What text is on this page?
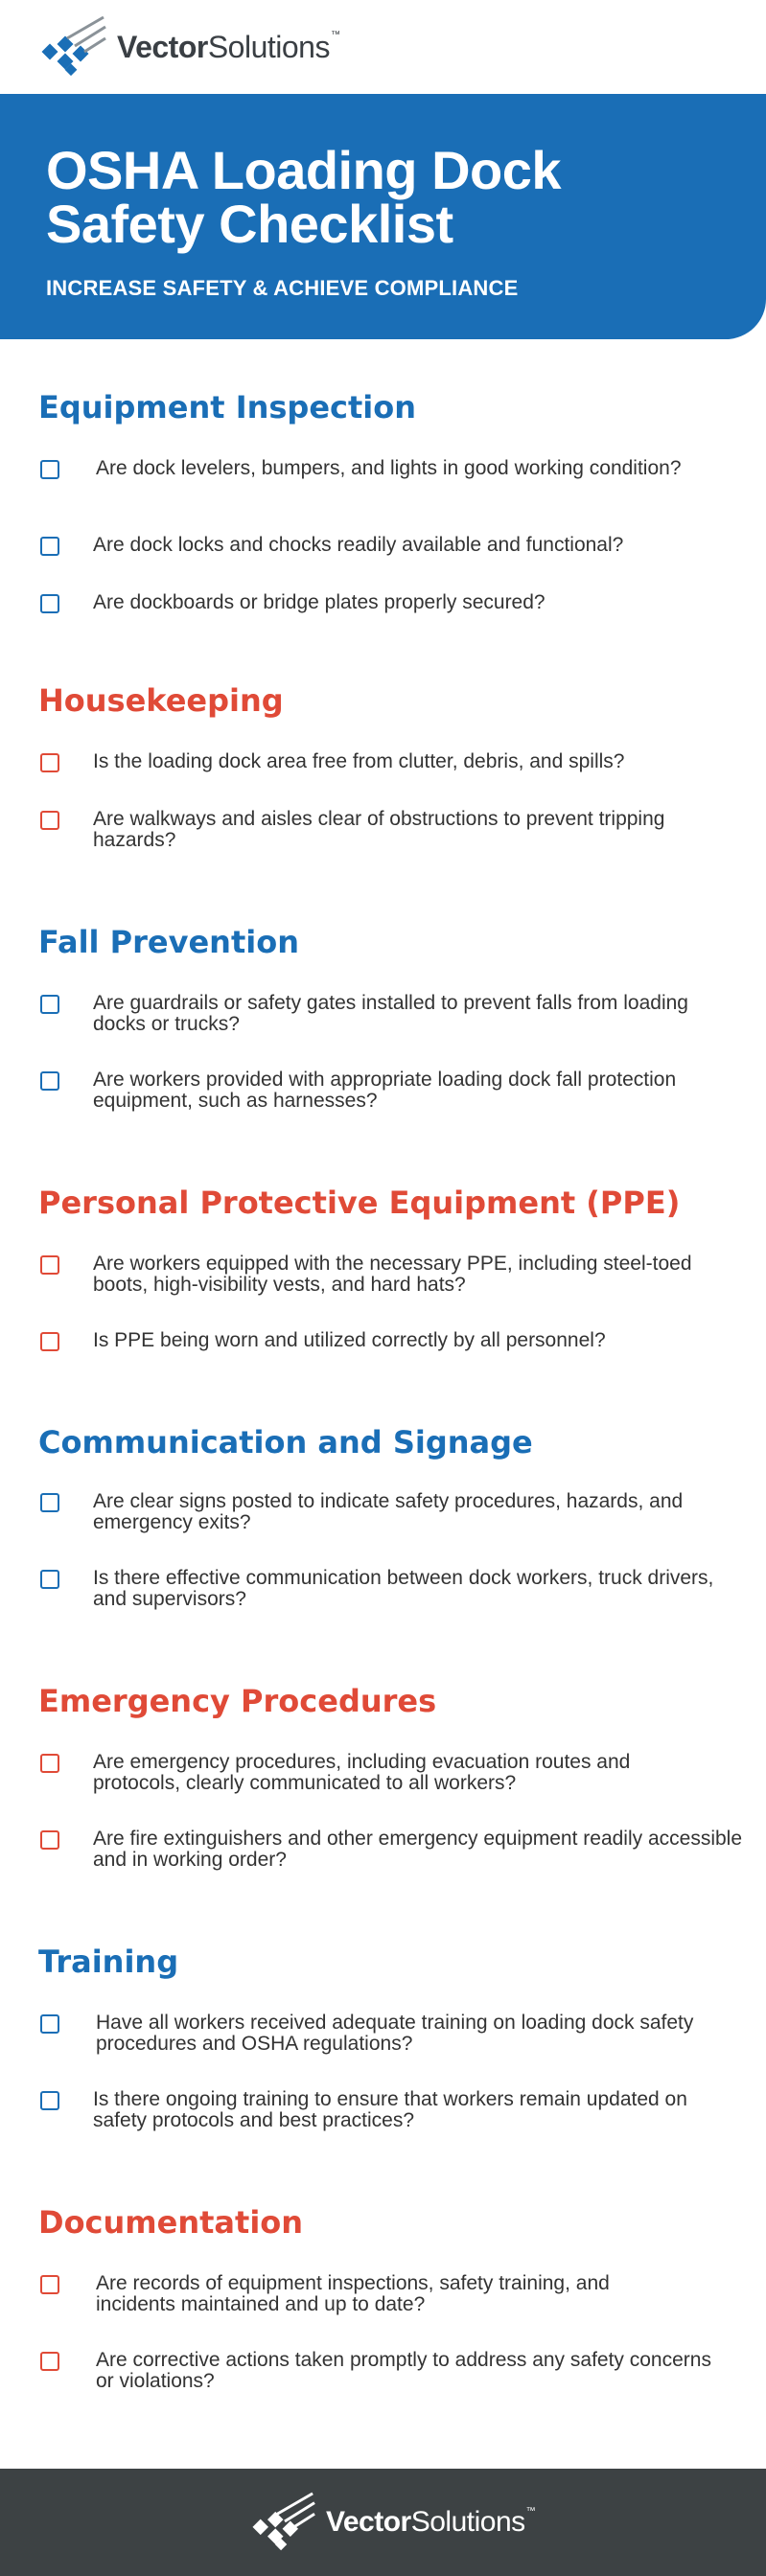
VectorSolutions™
OSHA Loading Dock
Safety Checklist

INCREASE SAFETY & ACHIEVE COMPLIANCE

Equipment Inspection
Are dock levelers, bumpers, and lights in good working condition?
Are dock locks and chocks readily available and functional?
Are dockboards or bridge plates properly secured?
Housekeeping
Is the loading dock area free from clutter, debris, and spills?
Are walkways and aisles clear of obstructions to prevent tripping hazards?
Fall Prevention
Are guardrails or safety gates installed to prevent falls from loading docks or trucks?
Are workers provided with appropriate loading dock fall protection equipment, such as harnesses?
Personal Protective Equipment (PPE)
Are workers equipped with the necessary PPE, including steel-toed boots, high-visibility vests, and hard hats?
Is PPE being worn and utilized correctly by all personnel?
Communication and Signage
Are clear signs posted to indicate safety procedures, hazards, and emergency exits?
Is there effective communication between dock workers, truck drivers, and supervisors?
Emergency Procedures
Are emergency procedures, including evacuation routes and protocols, clearly communicated to all workers?
Are fire extinguishers and other emergency equipment readily accessible and in working order?
Training
Have all workers received adequate training on loading dock safety procedures and OSHA regulations?
Is there ongoing training to ensure that workers remain updated on safety protocols and best practices?
Documentation
Are records of equipment inspections, safety training, and incidents maintained and up to date?
Are corrective actions taken promptly to address any safety concerns or violations?
VectorSolutions™
